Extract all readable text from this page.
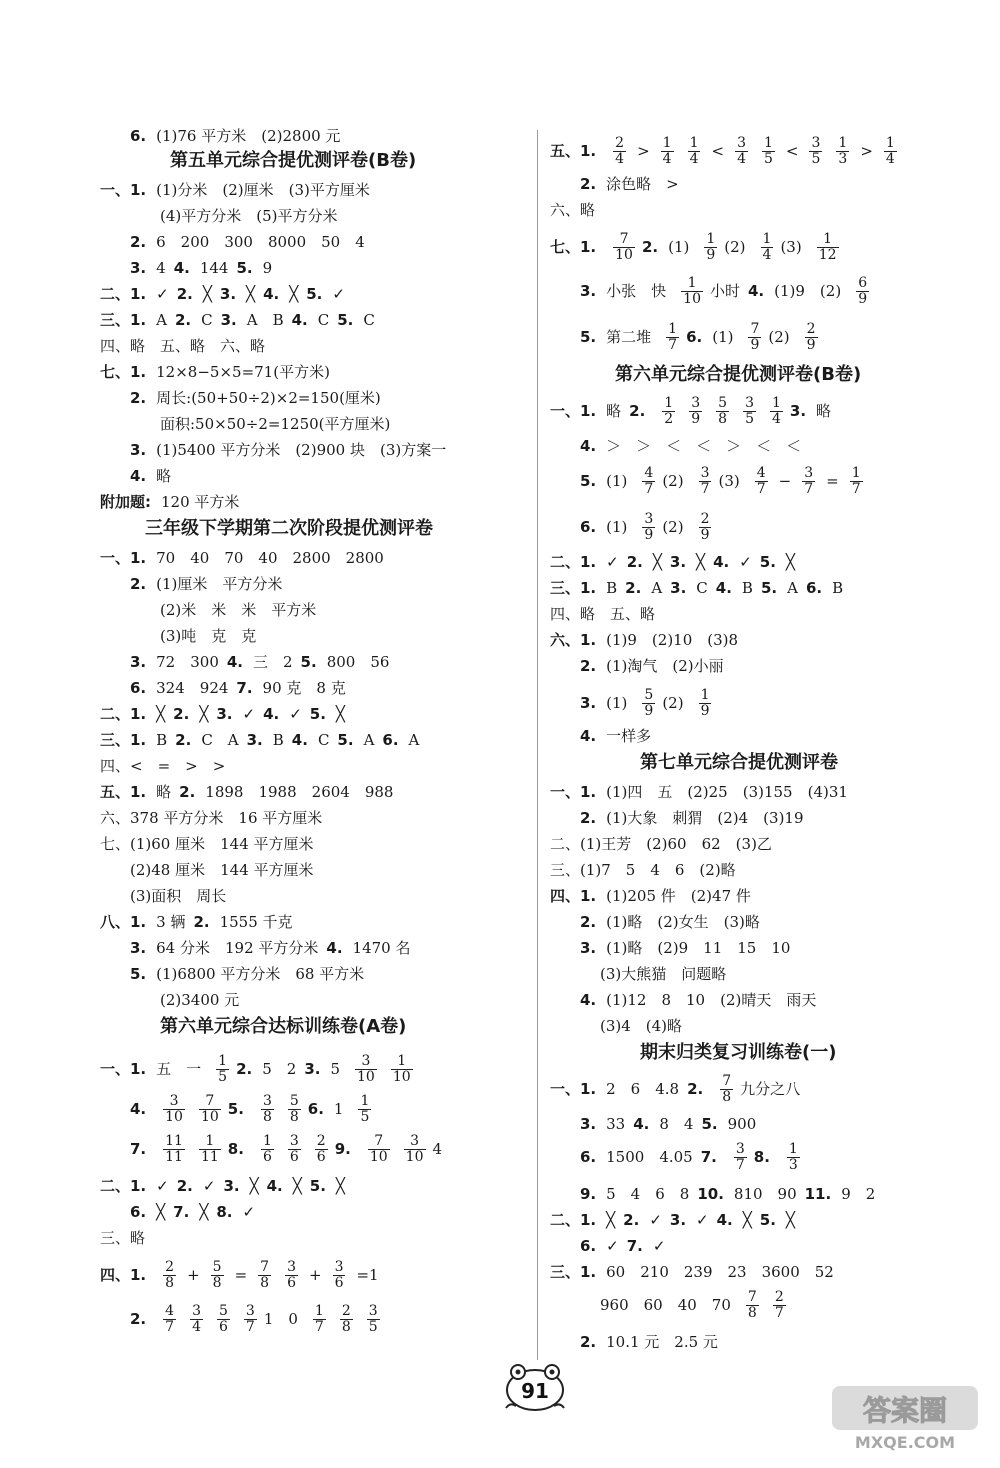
6. (1)76 平方米　(2)2800 元
第五单元综合提优测评卷(B卷)
一、1. (1)分米　(2)厘米　(3)平方厘米
(4)平方分米　(5)平方分米
2. 6　200　300　8000　50　4
3. 4 4. 144 5. 9
二、1. ✓ 2. ╳ 3. ╳ 4. ╳ 5. ✓
三、1. A 2. C 3. A　B 4. C 5. C
四、略　五、略　六、略
七、1. 12×8−5×5=71(平方米)
2. 周长:(50+50÷2)×2=150(厘米)
面积:50×50÷2=1250(平方厘米)
3. (1)5400 平方分米　(2)900 块　(3)方案一
4. 略
附加题: 120 平方米
三年级下学期第二次阶段提优测评卷
一、1. 70　40　70　40　2800　2800
2. (1)厘米　平方分米
(2)米　米　米　平方米
(3)吨　克　克
3. 72　300 4. 三　2 5. 800　56
6. 324　924 7. 90 克　8 克
二、1. ╳ 2. ╳ 3. ✓ 4. ✓ 5. ╳
三、1. B 2. C　A 3. B 4. C 5. A 6. A
四、<　=　>　>
五、1. 略 2. 1898　1988　2604　988
六、378 平方分米　16 平方厘米
七、(1)60 厘米　144 平方厘米
(2)48 厘米　144 平方厘米
(3)面积　周长
八、1. 3 辆 2. 1555 千克
3. 64 分米　192 平方分米 4. 1470 名
5. (1)6800 平方分米　68 平方米
(2)3400 元
第六单元综合达标训练卷(A卷)
一、1. 五　一 $\frac{1}{5} 2$. 5　2 3. $5 \frac{3}{10} \frac{1}{10}$
4. $\frac{3}{10} \frac{7}{10} 5$. $\frac{3}{8} \frac{5}{8} 6$. $1 \frac{1}{5}$
7. $\frac{11}{11} \frac{1}{11} 8$. $\frac{1}{6} \frac{3}{6} \frac{2}{6} 9$. $\frac{7}{10} \frac{3}{10} 4$
二、1. ✓ 2. ✓ 3. ╳ 4. ╳ 5. ╳
6. ╳ 7. ╳ 8. ✓
三、略
四、1. $\frac{2}{8} + \frac{5}{8} = \frac{7}{8} \frac{3}{6} + \frac{3}{6} =1$
2. $\frac{4}{7} \frac{3}{4} \frac{5}{6} \frac{3}{7} 1$　$0 \frac{1}{7} \frac{2}{8} \frac{3}{5}$
五、1. $\frac{2}{4} > \frac{1}{4} \frac{1}{4} < \frac{3}{4} \frac{1}{5} < \frac{3}{5} \frac{1}{3} > \frac{1}{4}$
2. 涂色略　>
六、略
七、1. $\frac{7}{10} 2$. $(1) \frac{1}{9} (2) \frac{1}{4} (3) \frac{1}{12}$
3. 小张　快 $\frac{1}{10}$ 小时 4. (1)9　$(2) \frac{6}{9}$
5. 第二堆 $\frac{1}{7} 6$. $(1) \frac{7}{9} (2) \frac{2}{9}$
第六单元综合提优测评卷(B卷)
一、1. 略 2. $\frac{1}{2} \frac{3}{9} \frac{5}{8} \frac{3}{5} \frac{1}{4} 3$. 略
4. ＞　＞　＜　＜　＞　＜　＜
5. $(1) \frac{4}{7} (2) \frac{3}{7} (3) \frac{4}{7} - \frac{3}{7} = \frac{1}{7}$
6. $(1) \frac{3}{9} (2) \frac{2}{9}$
二、1. ✓ 2. ╳ 3. ╳ 4. ✓ 5. ╳
三、1. B 2. A 3. C 4. B 5. A 6. B
四、略　五、略
六、1. (1)9　(2)10　(3)8
2. (1)淘气　(2)小丽
3. $(1) \frac{5}{9} (2) \frac{1}{9}$
4. 一样多
第七单元综合提优测评卷
一、1. (1)四　五　(2)25　(3)155　(4)31
2. (1)大象　刺猬　(2)4　(3)19
二、(1)王芳　(2)60　62　(3)乙
三、(1)7　5　4　6　(2)略
四、1. (1)205 件　(2)47 件
2. (1)略　(2)女生　(3)略
3. (1)略　(2)9　11　15　10
(3)大熊猫　问题略
4. (1)12　8　10　(2)晴天　雨天
(3)4　(4)略
期末归类复习训练卷(一)
一、1. 2　6　4.8 2. $\frac{7}{8}$ 九分之八
3. 33 4. 8　4 5. 900
6. 1500　4.05 7. $\frac{3}{7} 8$. $\frac{1}{3}$
9. 5　4　6　8 10. 810　90 11. 9　2
二、1. ╳ 2. ✓ 3. ✓ 4. ╳ 5. ╳
6. ✓ 7. ✓
三、1. 60　210　239　23　3600　52
960　60　40　$70 \frac{7}{8} \frac{2}{7}$
2. 10.1 元　2.5 元
91
答案圈
MXQE.COM
